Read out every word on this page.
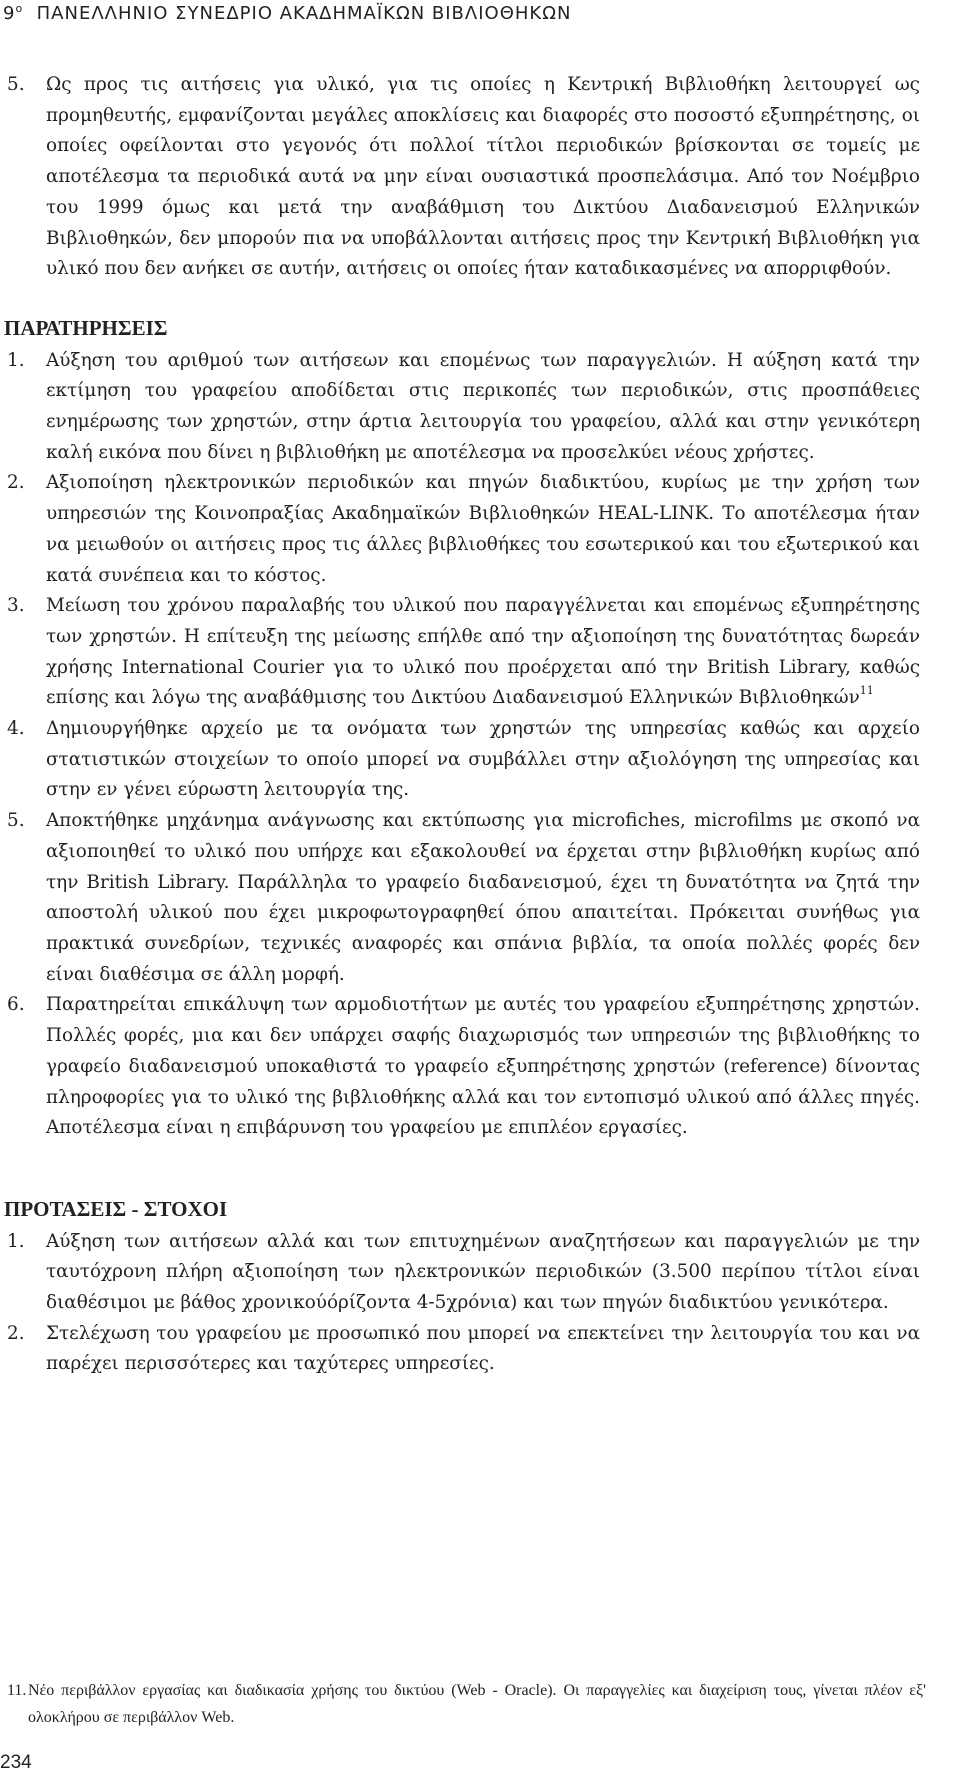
$9^o$ ΠΑΝΕΛΛΗΝΙΟ ΣΥΝΕΔΡΙΟ ΑΚΑΔΗΜΑΪΚΩΝ ΒΙΒΛΙΟΘΗΚΩΝ
5. Ως προς τις αιτήσεις για υλικό, για τις οποίες η Κεντρική Βιβλιοθήκη λειτουργεί ως προμηθευτής, εμφανίζονται μεγάλες αποκλίσεις και διαφορές στο ποσοστό εξυπηρέτησης, οι οποίες οφείλονται στο γεγονός ότι πολλοί τίτλοι περιοδικών βρίσκονται σε τομείς με αποτέλεσμα τα περιοδικά αυτά να μην είναι ουσιαστικά προσπελάσιμα. Από τον Νοέμβριο του 1999 όμως και μετά την αναβάθμιση του Δικτύου Διαδανεισμού Ελληνικών Βιβλιοθηκών, δεν μπορούν πια να υποβάλλονται αιτήσεις προς την Κεντρική Βιβλιοθήκη για υλικό που δεν ανήκει σε αυτήν, αιτήσεις οι οποίες ήταν καταδικασμένες να απορριφθούν.
ΠΑΡΑΤΗΡΗΣΕΙΣ
1. Αύξηση του αριθμού των αιτήσεων και επομένως των παραγγελιών. Η αύξηση κατά την εκτίμηση του γραφείου αποδίδεται στις περικοπές των περιοδικών, στις προσπάθειες ενημέρωσης των χρηστών, στην άρτια λειτουργία του γραφείου, αλλά και στην γενικότερη καλή εικόνα που δίνει η βιβλιοθήκη με αποτέλεσμα να προσελκύει νέους χρήστες.
2. Αξιοποίηση ηλεκτρονικών περιοδικών και πηγών διαδικτύου, κυρίως με την χρήση των υπηρεσιών της Κοινοπραξίας Ακαδημαϊκών Βιβλιοθηκών HEAL-LINK. Το αποτέλεσμα ήταν να μειωθούν οι αιτήσεις προς τις άλλες βιβλιοθήκες του εσωτερικού και του εξωτερικού και κατά συνέπεια και το κόστος.
3. Μείωση του χρόνου παραλαβής του υλικού που παραγγέλνεται και επομένως εξυπηρέτησης των χρηστών. Η επίτευξη της μείωσης επήλθε από την αξιοποίηση της δυνατότητας δωρεάν χρήσης International Courier για το υλικό που προέρχεται από την British Library, καθώς επίσης και λόγω της αναβάθμισης του Δικτύου Διαδανεισμού Ελληνικών Βιβλιοθηκών$^{11}$
4. Δημιουργήθηκε αρχείο με τα ονόματα των χρηστών της υπηρεσίας καθώς και αρχείο στατιστικών στοιχείων το οποίο μπορεί να συμβάλλει στην αξιολόγηση της υπηρεσίας και στην εν γένει εύρωστη λειτουργία της.
5. Αποκτήθηκε μηχάνημα ανάγνωσης και εκτύπωσης για microfiches, microfilms με σκοπό να αξιοποιηθεί το υλικό που υπήρχε και εξακολουθεί να έρχεται στην βιβλιοθήκη κυρίως από την British Library. Παράλληλα το γραφείο διαδανεισμού, έχει τη δυνατότητα να ζητά την αποστολή υλικού που έχει μικροφωτογραφηθεί όπου απαιτείται. Πρόκειται συνήθως για πρακτικά συνεδρίων, τεχνικές αναφορές και σπάνια βιβλία, τα οποία πολλές φορές δεν είναι διαθέσιμα σε άλλη μορφή.
6. Παρατηρείται επικάλυψη των αρμοδιοτήτων με αυτές του γραφείου εξυπηρέτησης χρηστών. Πολλές φορές, μια και δεν υπάρχει σαφής διαχωρισμός των υπηρεσιών της βιβλιοθήκης το γραφείο διαδανεισμού υποκαθιστά το γραφείο εξυπηρέτησης χρηστών (reference) δίνοντας πληροφορίες για το υλικό της βιβλιοθήκης αλλά και τον εντοπισμό υλικού από άλλες πηγές. Αποτέλεσμα είναι η επιβάρυνση του γραφείου με επιπλέον εργασίες.
ΠΡΟΤΑΣΕΙΣ - ΣΤΟΧΟΙ
1. Αύξηση των αιτήσεων αλλά και των επιτυχημένων αναζητήσεων και παραγγελιών με την ταυτόχρονη πλήρη αξιοποίηση των ηλεκτρονικών περιοδικών (3.500 περίπου τίτλοι είναι διαθέσιμοι με βάθος χρονικούόρίζοντα 4-5χρόνια) και των πηγών διαδικτύου γενικότερα.
2. Στελέχωση του γραφείου με προσωπικό που μπορεί να επεκτείνει την λειτουργία του και να παρέχει περισσότερες και ταχύτερες υπηρεσίες.
11. Νέο περιβάλλον εργασίας και διαδικασία χρήσης του δικτύου (Web - Oracle). Οι παραγγελίες και διαχείριση τους, γίνεται πλέον εξ' ολοκλήρου σε περιβάλλον Web.
234
